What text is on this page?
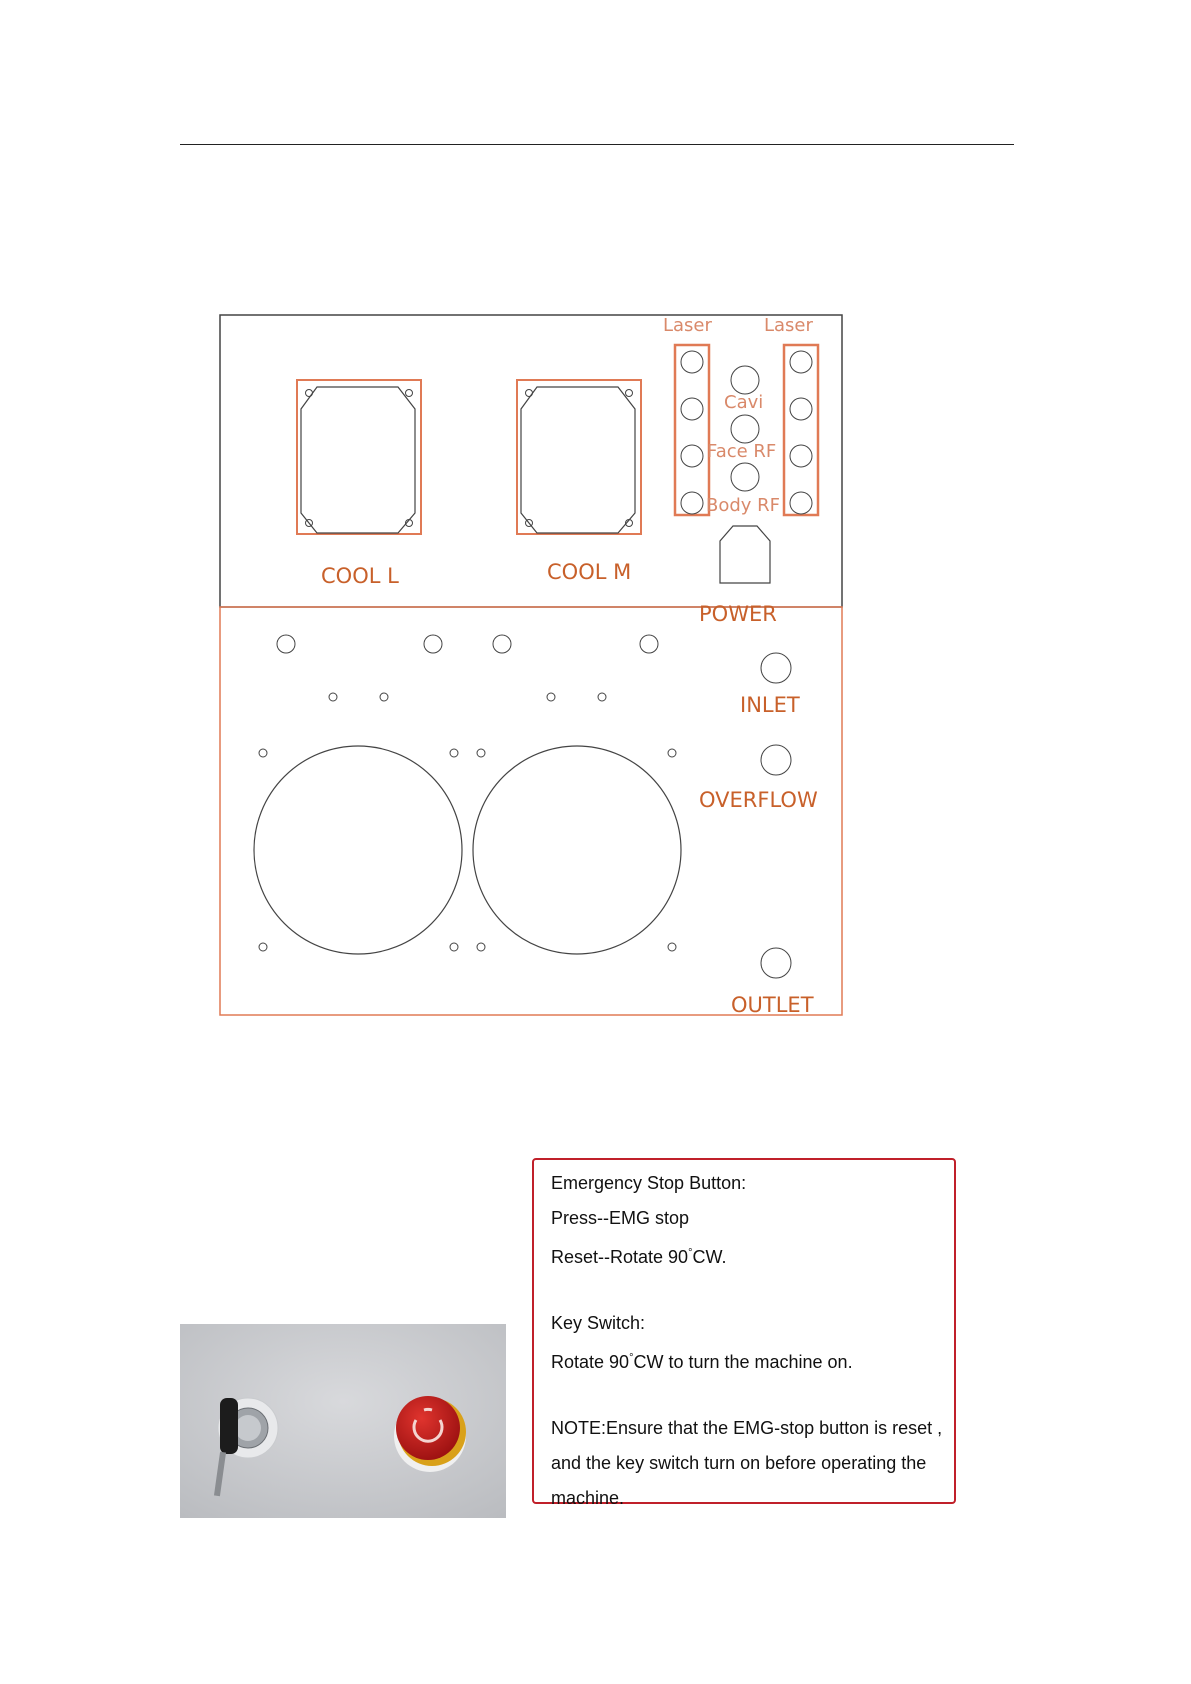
COOL L	COOL M
Laser	Laser
Cavi
Face RF
Body RF
POWER
INLET
OVERFLOW
OUTLET
Emergency Stop Button:
Press--EMG stop
Reset--Rotate 90°CW.
Key Switch:
Rotate 90°CW to turn the machine on.
NOTE:Ensure that the EMG-stop button is reset ,
and the key switch turn on before operating the
machine.
